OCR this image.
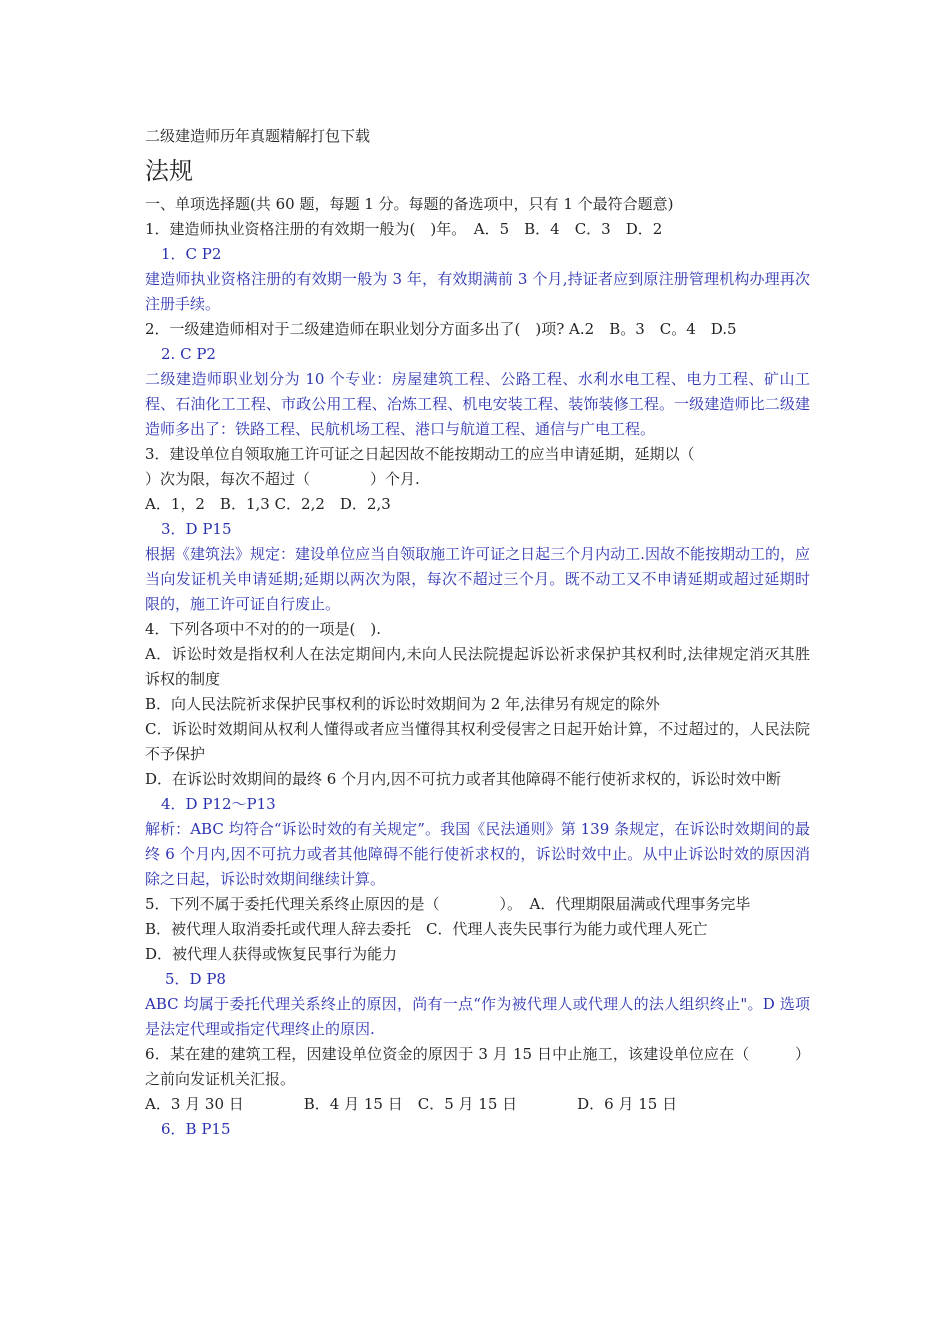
二级建造师历年真题精解打包下载
法规
一、单项选择题(共 60 题，每题 1 分。每题的备选项中，只有 1 个最符合题意)
1．建造师执业资格注册的有效期一般为(　)年。　A．5　B．4　C．3　D．2
1．C P2
建造师执业资格注册的有效期一般为 3 年，有效期满前 3 个月,持证者应到原注册管理机构办理再次注册手续。
2．一级建造师相对于二级建造师在职业划分方面多出了(　)项? A.2　B。3　C。4　D.5
2. C P2
二级建造师职业划分为 10 个专业：房屋建筑工程、公路工程、水利水电工程、电力工程、矿山工程、石油化工工程、市政公用工程、冶炼工程、机电安装工程、装饰装修工程。一级建造师比二级建造师多出了：铁路工程、民航机场工程、港口与航道工程、通信与广电工程。
3．建设单位自领取施工许可证之日起因故不能按期动工的应当申请延期，延期以（
）次为限，每次不超过（　　　　）个月.
A．1，2　B．1,3 C．2,2　D．2,3
3．D P15
根据《建筑法》规定：建设单位应当自领取施工许可证之日起三个月内动工.因故不能按期动工的，应当向发证机关申请延期;延期以两次为限，每次不超过三个月。既不动工又不申请延期或超过延期时限的，施工许可证自行废止。
4．下列各项中不对的的一项是(　).
A．诉讼时效是指权利人在法定期间内,未向人民法院提起诉讼祈求保护其权利时,法律规定消灭其胜诉权的制度
B．向人民法院祈求保护民事权利的诉讼时效期间为 2 年,法律另有规定的除外
C．诉讼时效期间从权利人懂得或者应当懂得其权利受侵害之日起开始计算，不过超过的，人民法院不予保护
D．在诉讼时效期间的最终 6 个月内,因不可抗力或者其他障碍不能行使祈求权的，诉讼时效中断
4．D P12～P13
解析：ABC 均符合“诉讼时效的有关规定”。我国《民法通则》第 139 条规定，在诉讼时效期间的最终 6 个月内,因不可抗力或者其他障碍不能行使祈求权的，诉讼时效中止。从中止诉讼时效的原因消除之日起，诉讼时效期间继续计算。
5．下列不属于委托代理关系终止原因的是（　　　　）。　A．代理期限届满或代理事务完毕
B．被代理人取消委托或代理人辞去委托　C．代理人丧失民事行为能力或代理人死亡
D．被代理人获得或恢复民事行为能力
5．D P8
ABC 均属于委托代理关系终止的原因，尚有一点“作为被代理人或代理人的法人组织终止"。D 选项是法定代理或指定代理终止的原因.
6．某在建的建筑工程，因建设单位资金的原因于 3 月 15 日中止施工，该建设单位应在（　　　）之前向发证机关汇报。
A．3 月 30 日　　　　B．4 月 15 日　C．5 月 15 日　　　　D．6 月 15 日
6．B P15
